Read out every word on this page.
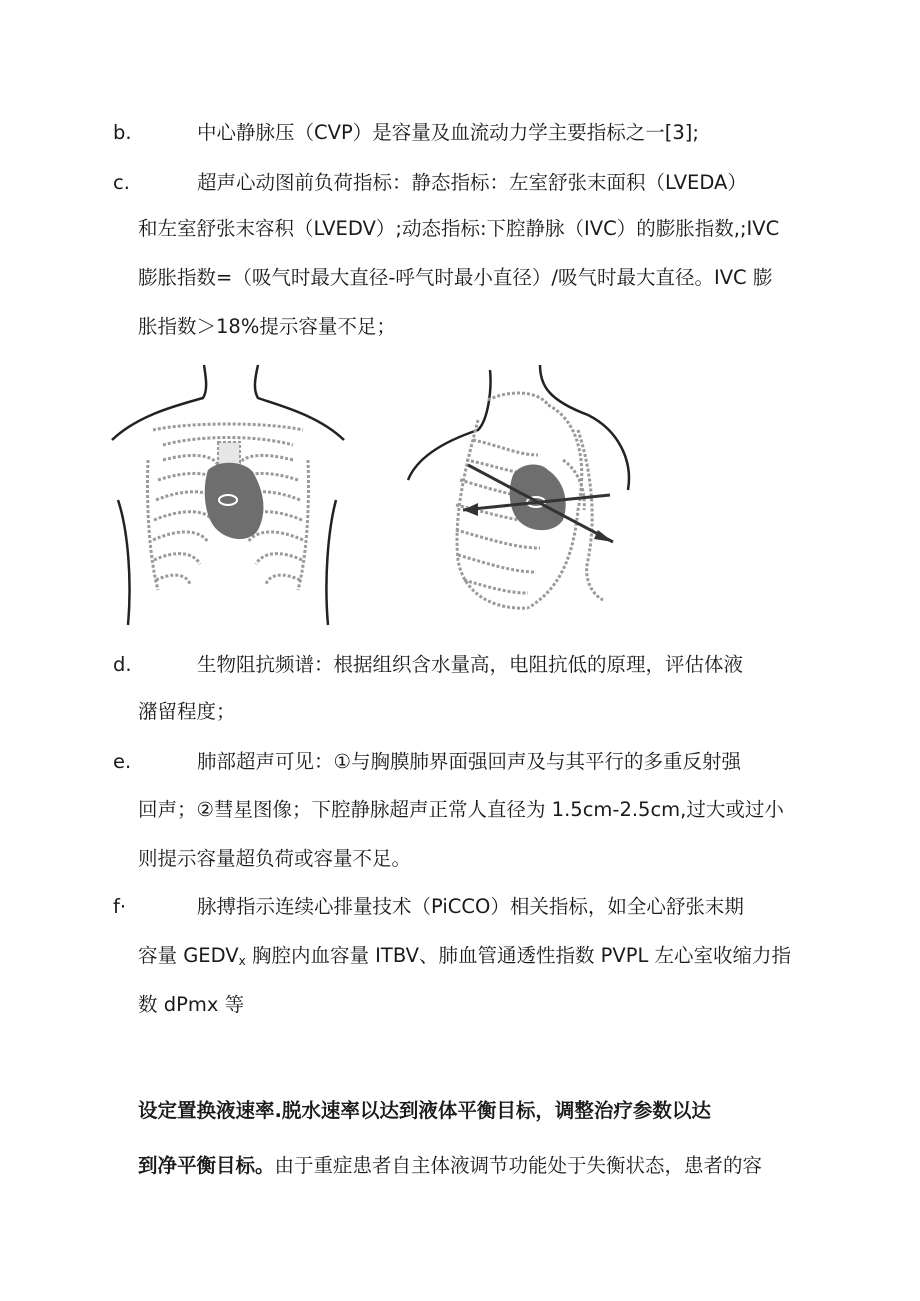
b.	中心静脉压（CVP）是容量及血流动力学主要指标之一[3];
c.	超声心动图前负荷指标：静态指标：左室舒张末面积（LVEDA）
和左室舒张末容积（LVEDV）;动态指标:下腔静脉（IVC）的膨胀指数,;IVC
膨胀指数=（吸气时最大直径-呼气时最小直径）/吸气时最大直径。IVC 膨
胀指数＞18%提示容量不足；
d.	生物阻抗频谱：根据组织含水量高，电阻抗低的原理，评估体液
潴留程度；
e.	肺部超声可见：①与胸膜肺界面强回声及与其平行的多重反射强
回声；②彗星图像；下腔静脉超声正常人直径为 1.5cm-2.5cm,过大或过小
则提示容量超负荷或容量不足。
f·	脉搏指示连续心排量技术（PiCCO）相关指标，如全心舒张末期
容量 $GEDV_x$ 胸腔内血容量 ITBV、肺血管通透性指数 PVPL 左心室收缩力指
数 dPmx 等
设定置换液速率.脱水速率以达到液体平衡目标，调整治疗参数以达
到净平衡目标。由于重症患者自主体液调节功能处于失衡状态，患者的容
